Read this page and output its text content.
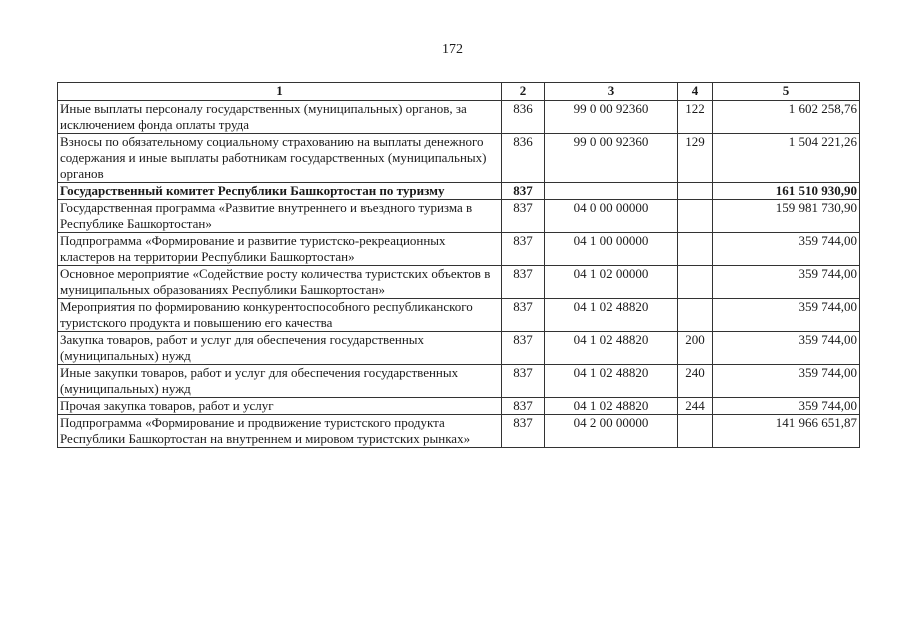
172
1	2	3	4	5
Иные выплаты персоналу государственных (муниципальных) органов, за исключением фонда оплаты труда	836	99 0 00 92360	122	1 602 258,76
Взносы по обязательному социальному страхованию на выплаты денежного содержания и иные выплаты работникам государственных (муниципальных) органов	836	99 0 00 92360	129	1 504 221,26
Государственный комитет Республики Башкортостан по туризму	837			161 510 930,90
Государственная программа «Развитие внутреннего и въездного туризма в Республике Башкортостан»	837	04 0 00 00000		159 981 730,90
Подпрограмма «Формирование и развитие туристско-рекреационных кластеров на территории Республики Башкортостан»	837	04 1 00 00000		359 744,00
Основное мероприятие «Содействие росту количества туристских объектов в муниципальных образованиях Республики Башкортостан»	837	04 1 02 00000		359 744,00
Мероприятия по формированию конкурентоспособного республиканского туристского продукта и повышению его качества	837	04 1 02 48820		359 744,00
Закупка товаров, работ и услуг для обеспечения государственных (муниципальных) нужд	837	04 1 02 48820	200	359 744,00
Иные закупки товаров, работ и услуг для обеспечения государственных (муниципальных) нужд	837	04 1 02 48820	240	359 744,00
Прочая закупка товаров, работ и услуг	837	04 1 02 48820	244	359 744,00
Подпрограмма «Формирование и продвижение туристского продукта Республики Башкортостан на внутреннем и мировом туристских рынках»	837	04 2 00 00000		141 966 651,87
